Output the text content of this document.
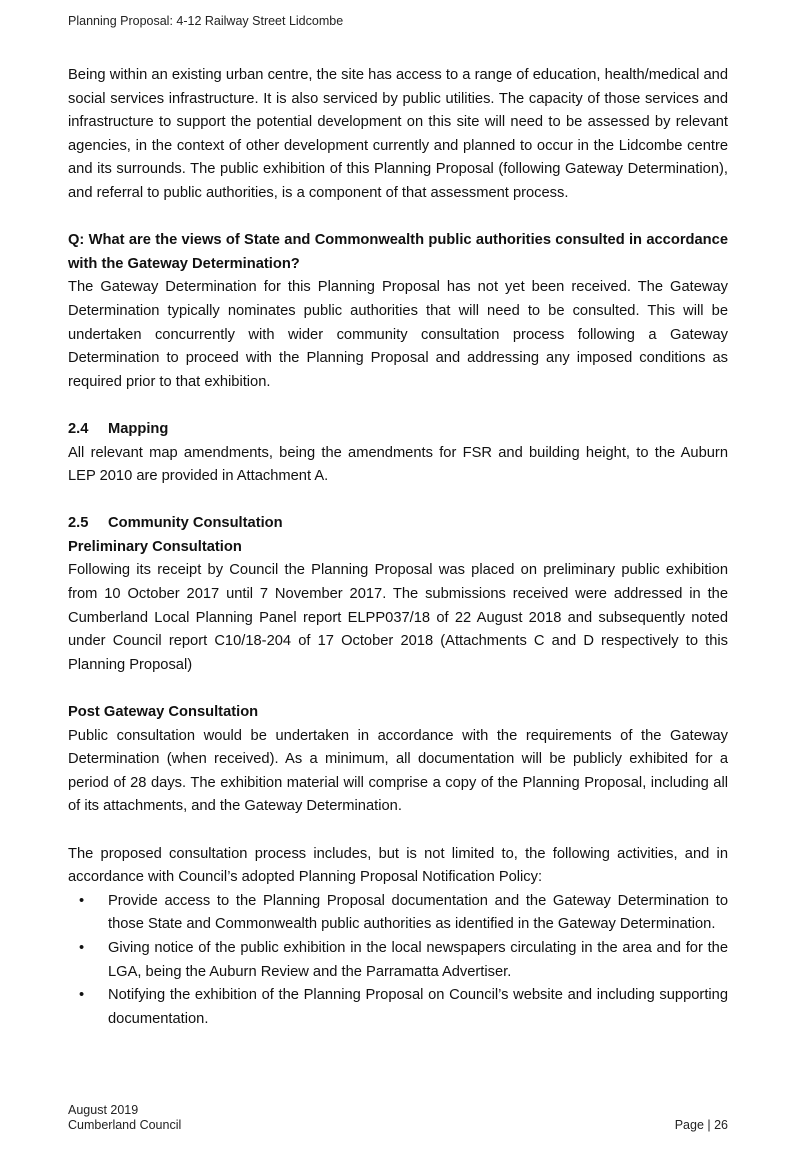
Planning Proposal: 4-12 Railway Street Lidcombe

Being within an existing urban centre, the site has access to a range of education, health/medical and social services infrastructure. It is also serviced by public utilities. The capacity of those services and infrastructure to support the potential development on this site will need to be assessed by relevant agencies, in the context of other development currently and planned to occur in the Lidcombe centre and its surrounds. The public exhibition of this Planning Proposal (following Gateway Determination), and referral to public authorities, is a component of that assessment process.

Q: What are the views of State and Commonwealth public authorities consulted in accordance with the Gateway Determination?

The Gateway Determination for this Planning Proposal has not yet been received. The Gateway Determination typically nominates public authorities that will need to be consulted. This will be undertaken concurrently with wider community consultation process following a Gateway Determination to proceed with the Planning Proposal and addressing any imposed conditions as required prior to that exhibition.

2.4 Mapping

All relevant map amendments, being the amendments for FSR and building height, to the Auburn LEP 2010 are provided in Attachment A.

2.5 Community Consultation

Preliminary Consultation

Following its receipt by Council the Planning Proposal was placed on preliminary public exhibition from 10 October 2017 until 7 November 2017. The submissions received were addressed in the Cumberland Local Planning Panel report ELPP037/18 of 22 August 2018 and subsequently noted under Council report C10/18-204 of 17 October 2018 (Attachments C and D respectively to this Planning Proposal)

Post Gateway Consultation

Public consultation would be undertaken in accordance with the requirements of the Gateway Determination (when received). As a minimum, all documentation will be publicly exhibited for a period of 28 days. The exhibition material will comprise a copy of the Planning Proposal, including all of its attachments, and the Gateway Determination.

The proposed consultation process includes, but is not limited to, the following activities, and in accordance with Council’s adopted Planning Proposal Notification Policy:

• Provide access to the Planning Proposal documentation and the Gateway Determination to those State and Commonwealth public authorities as identified in the Gateway Determination.
• Giving notice of the public exhibition in the local newspapers circulating in the area and for the LGA, being the Auburn Review and the Parramatta Advertiser.
• Notifying the exhibition of the Planning Proposal on Council’s website and including supporting documentation.
August 2019
Cumberland Council	Page | 26
